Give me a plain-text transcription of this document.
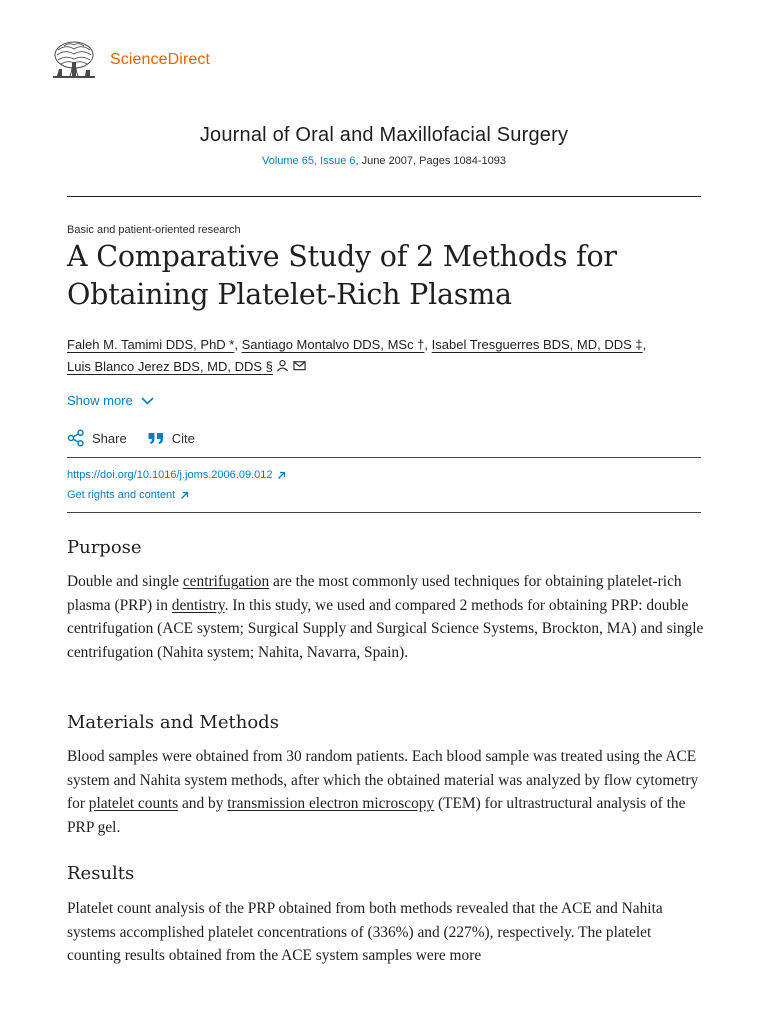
ScienceDirect
Journal of Oral and Maxillofacial Surgery
Volume 65, Issue 6, June 2007, Pages 1084-1093
Basic and patient-oriented research
A Comparative Study of 2 Methods for Obtaining Platelet-Rich Plasma
Faleh M. Tamimi DDS, PhD *, Santiago Montalvo DDS, MSc †, Isabel Tresguerres BDS, MD, DDS ‡,
Luis Blanco Jerez BDS, MD, DDS §
Show more
Share	Cite
https://doi.org/10.1016/j.joms.2006.09.012
Get rights and content
Purpose

Double and single centrifugation are the most commonly used techniques for obtaining platelet-rich plasma (PRP) in dentistry. In this study, we used and compared 2 methods for obtaining PRP: double centrifugation (ACE system; Surgical Supply and Surgical Science Systems, Brockton, MA) and single centrifugation (Nahita system; Nahita, Navarra, Spain).

Materials and Methods

Blood samples were obtained from 30 random patients. Each blood sample was treated using the ACE system and Nahita system methods, after which the obtained material was analyzed by flow cytometry for platelet counts and by transmission electron microscopy (TEM) for ultrastructural analysis of the PRP gel.

Results

Platelet count analysis of the PRP obtained from both methods revealed that the ACE and Nahita systems accomplished platelet concentrations of (336%) and (227%), respectively. The platelet counting results obtained from the ACE system samples were more
